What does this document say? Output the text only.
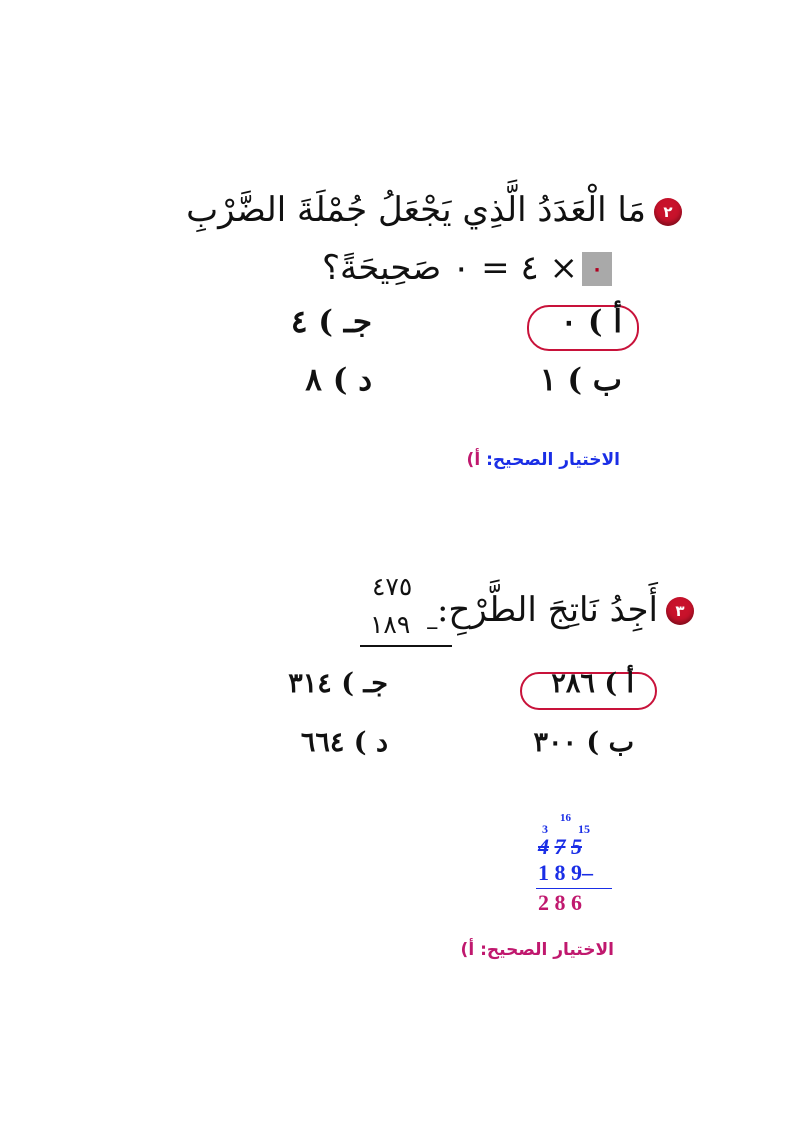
٢
مَا الْعَدَدُ الَّذِي يَجْعَلُ جُمْلَةَ الضَّرْبِ
٠
× ٤ = ٠ صَحِيحَةً؟
أ ) ٠
جـ ) ٤
ب ) ١
د ) ٨
الاختيار الصحيح: أ)
٣
أَجِدُ نَاتِجَ الطَّرْحِ:
٤٧٥
–
١٨٩
أ ) ٢٨٦
جـ ) ٣١٤
ب ) ٣٠٠
د ) ٦٦٤
16
3	15
4 7 5
1 8 9–
2 8 6
الاختيار الصحيح: أ)
